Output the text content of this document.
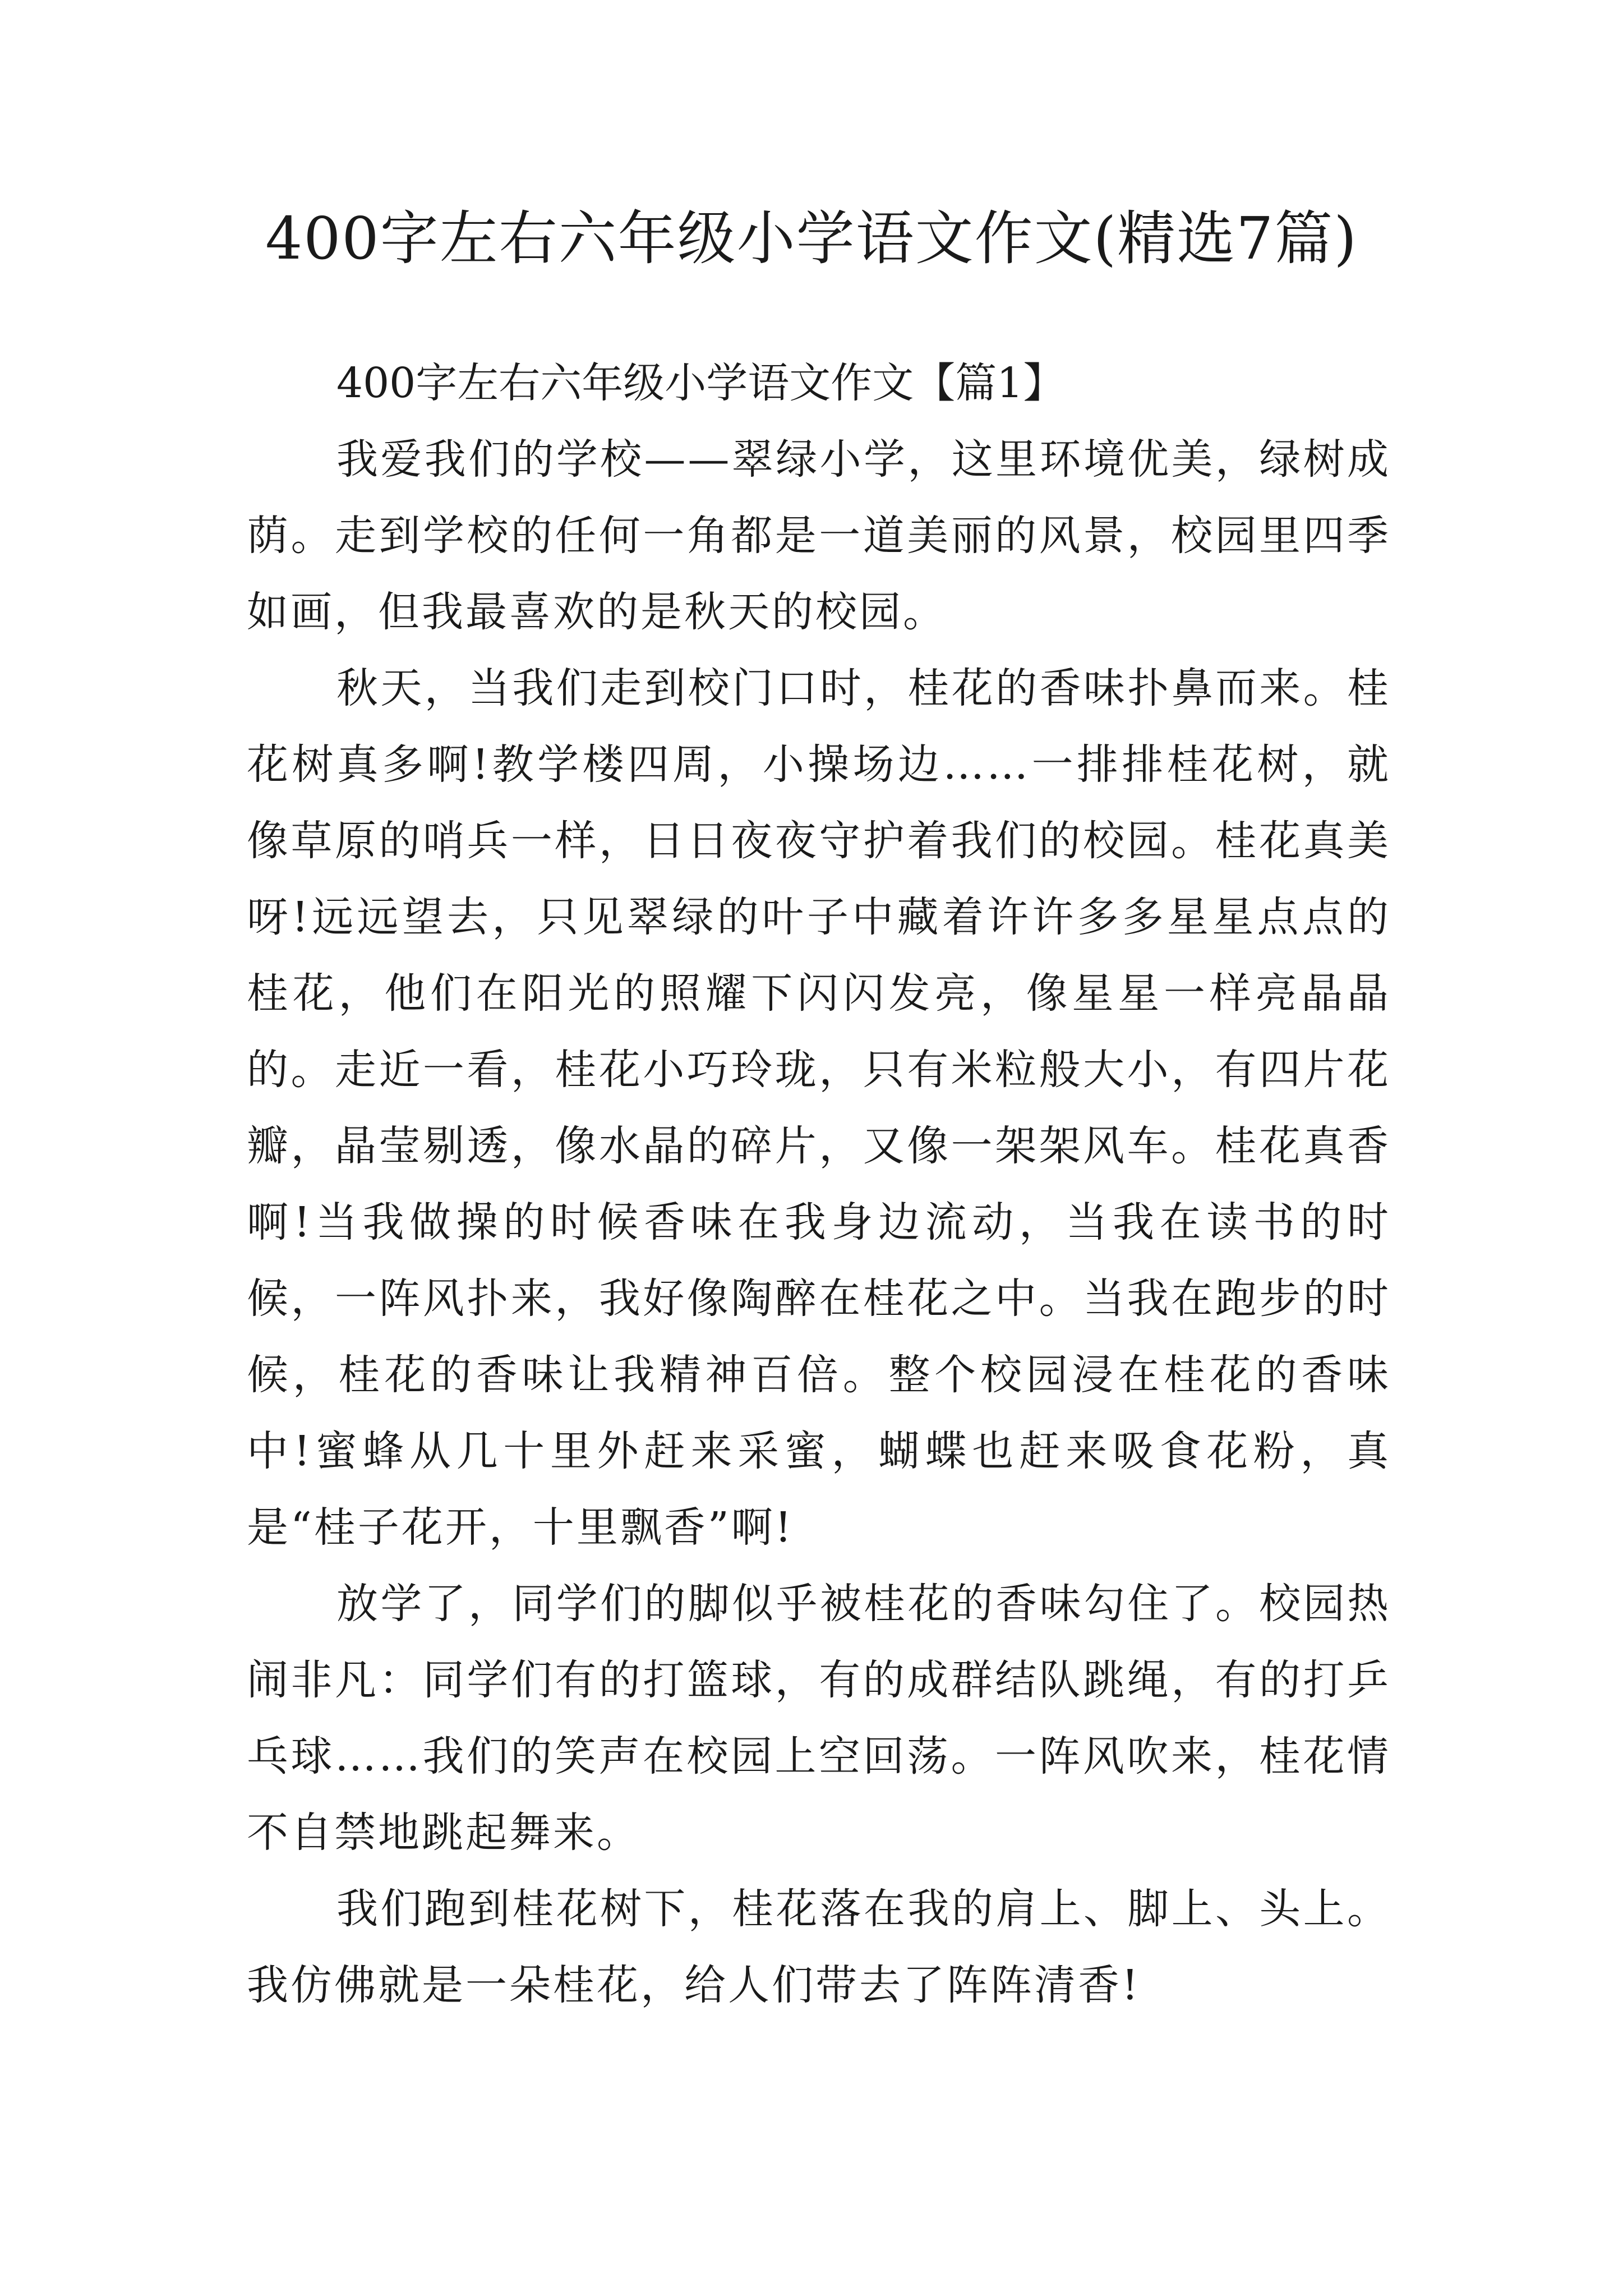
400字左右六年级小学语文作文(精选7篇)
400字左右六年级小学语文作文【篇1】

我爱我们的学校——翠绿小学，这里环境优美，绿树成荫。走到学校的任何一角都是一道美丽的风景，校园里四季如画，但我最喜欢的是秋天的校园。

秋天，当我们走到校门口时，桂花的香味扑鼻而来。桂花树真多啊!教学楼四周，小操场边……一排排桂花树，就像草原的哨兵一样，日日夜夜守护着我们的校园。桂花真美呀!远远望去，只见翠绿的叶子中藏着许许多多星星点点的桂花，他们在阳光的照耀下闪闪发亮，像星星一样亮晶晶的。走近一看，桂花小巧玲珑，只有米粒般大小，有四片花瓣，晶莹剔透，像水晶的碎片，又像一架架风车。桂花真香啊!当我做操的时候香味在我身边流动，当我在读书的时候，一阵风扑来，我好像陶醉在桂花之中。当我在跑步的时候，桂花的香味让我精神百倍。整个校园浸在桂花的香味中!蜜蜂从几十里外赶来采蜜，蝴蝶也赶来吸食花粉，真是“桂子花开，十里飘香”啊!

放学了，同学们的脚似乎被桂花的香味勾住了。校园热闹非凡：同学们有的打篮球，有的成群结队跳绳，有的打乒乓球……我们的笑声在校园上空回荡。一阵风吹来，桂花情不自禁地跳起舞来。

我们跑到桂花树下，桂花落在我的肩上、脚上、头上。我仿佛就是一朵桂花，给人们带去了阵阵清香!
